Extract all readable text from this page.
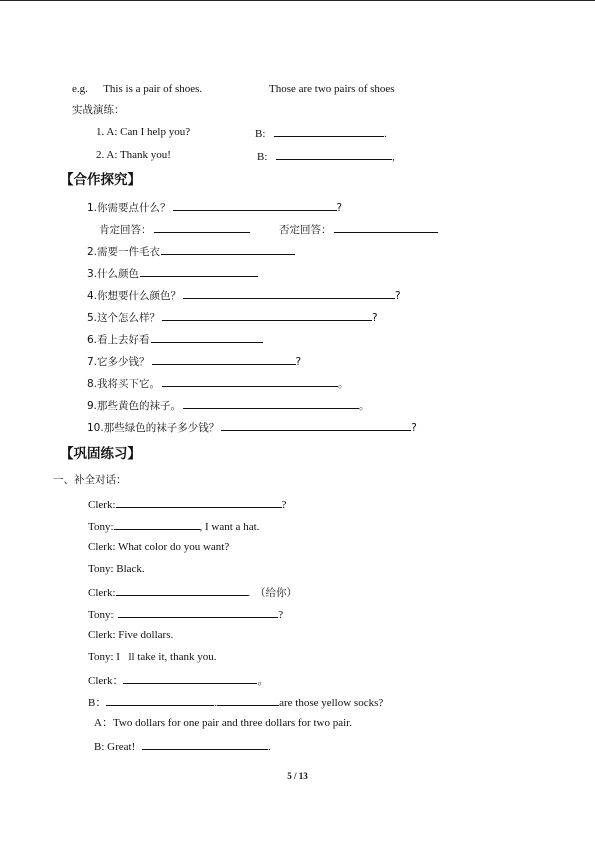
e.g. This is a pair of shoes.	Those are two pairs of shoes
实战演练：
1. A: Can I help you?	B:	.
2. A: Thank you!	B:	,
【合作探究】
1.你需要点什么？	?
肯定回答：	否定回答：
2.需要一件毛衣
3.什么颜色
4.你想要什么颜色？	?
5.这个怎么样？	?
6.看上去好看
7.它多少钱？	?
8.我将买下它。	。
9.那些黄色的袜子。	。
10.那些绿色的袜子多少钱？	?
【巩固练习】
一、补全对话：
Clerk:	?
Tony:	, I want a hat.
Clerk: What color do you want?
Tony: Black.
Clerk:	. （给你）
Tony:	?
Clerk: Five dollars.
Tony: I ll take it, thank you.
Clerk：	。
B：	.	are those yellow socks?
A：Two dollars for one pair and three dollars for two pair.
B: Great!	.
5 / 13
